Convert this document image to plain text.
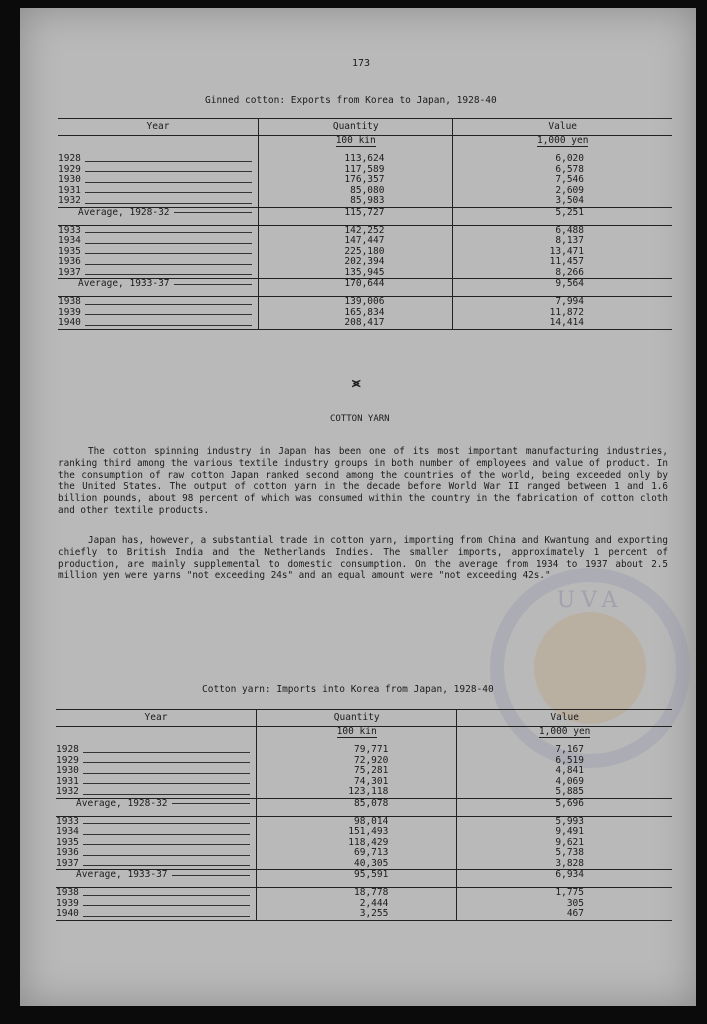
UVA
173
Ginned cotton: Exports from Korea to Japan, 1928-40
Year	Quantity	Value
	100 kin	1,000 yen

1928	113,624	6,020

1929	117,589	6,578

1930	176,357	7,546

1931	85,080	2,609

1932	85,983	3,504

Average, 1928-32	115,727	5,251

1933	142,252	6,488

1934	147,447	8,137

1935	225,180	13,471

1936	202,394	11,457

1937	135,945	8,266

Average, 1933-37	170,644	9,564

1938	139,006	7,994

1939	165,834	11,872

1940	208,417	14,414
⪤
COTTON YARN
The cotton spinning industry in Japan has been one of its most important manufacturing industries, ranking third among the various textile industry groups in both number of employees and value of product. In the consumption of raw cotton Japan ranked second among the countries of the world, being exceeded only by the United States. The output of cotton yarn in the decade before World War II ranged between 1 and 1.6 billion pounds, about 98 percent of which was consumed within the country in the fabrication of cotton cloth and other textile products.
Japan has, however, a substantial trade in cotton yarn, importing from China and Kwantung and exporting chiefly to British India and the Netherlands Indies. The smaller imports, approximately 1 percent of production, are mainly supplemental to domestic consumption. On the average from 1934 to 1937 about 2.5 million yen were yarns "not exceeding 24s" and an equal amount were "not exceeding 42s."
Cotton yarn: Imports into Korea from Japan, 1928-40
Year	Quantity	Value
	100 kin	1,000 yen

1928	79,771	7,167

1929	72,920	6,519

1930	75,281	4,841

1931	74,301	4,069

1932	123,118	5,885

Average, 1928-32	85,078	5,696

1933	98,014	5,993

1934	151,493	9,491

1935	118,429	9,621

1936	69,713	5,738

1937	40,305	3,828

Average, 1933-37	95,591	6,934

1938	18,778	1,775

1939	2,444	305

1940	3,255	467
